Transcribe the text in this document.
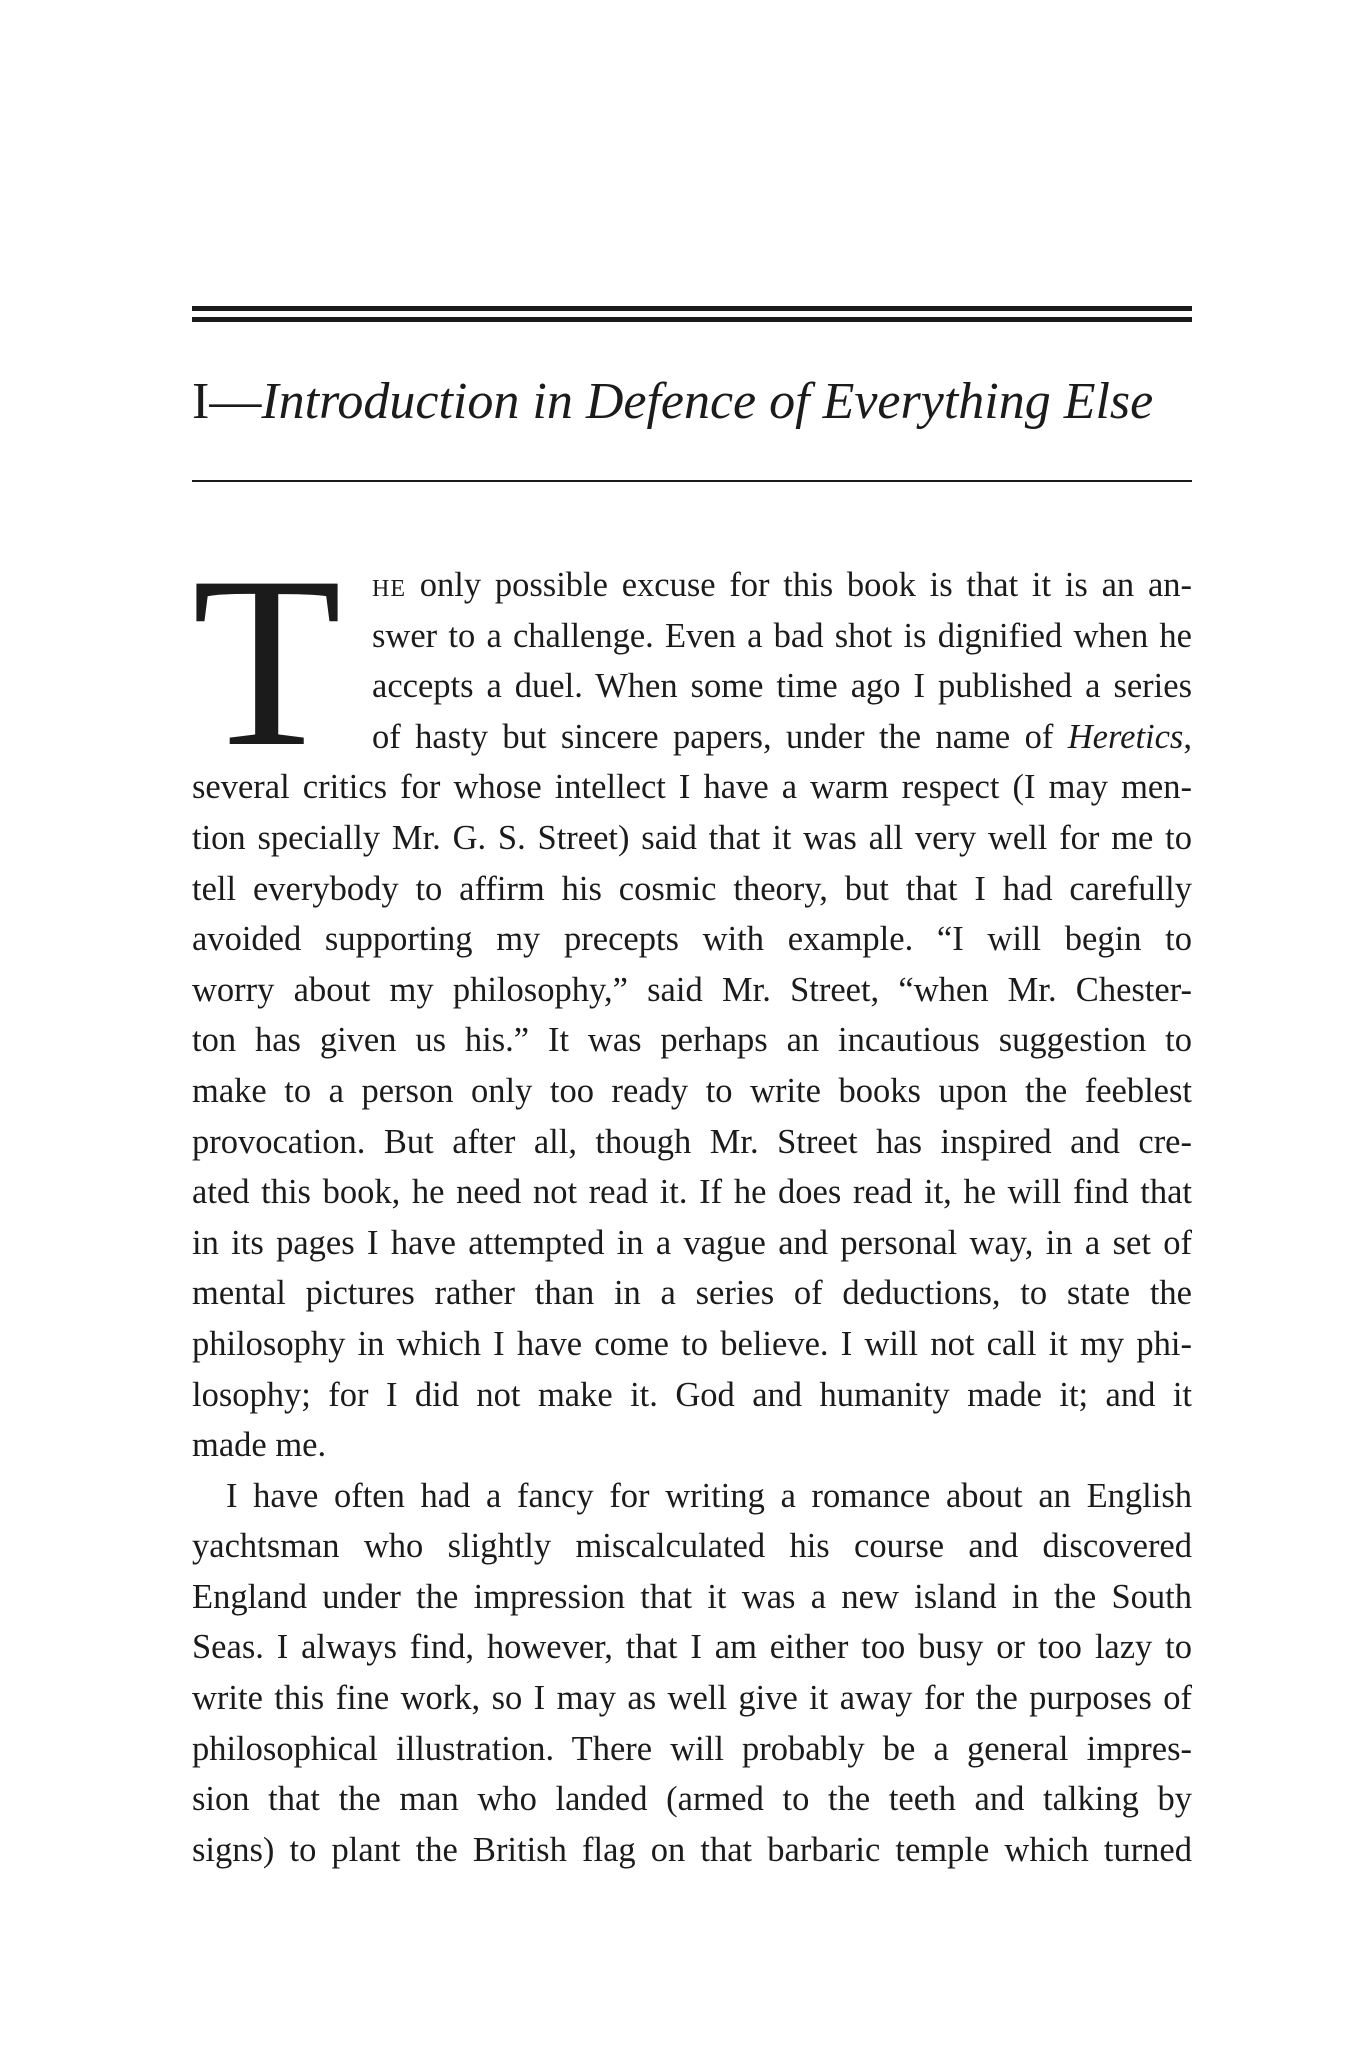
I—Introduction in Defence of Everything Else
T he only possible excuse for this book is that it is an an-
swer to a challenge. Even a bad shot is dignified when he
accepts a duel. When some time ago I published a series
of hasty but sincere papers, under the name of Heretics,
several critics for whose intellect I have a warm respect (I may men-
tion specially Mr. G. S. Street) said that it was all very well for me to
tell everybody to affirm his cosmic theory, but that I had carefully
avoided supporting my precepts with example. “I will begin to
worry about my philosophy,” said Mr. Street, “when Mr. Chester-
ton has given us his.” It was perhaps an incautious suggestion to
make to a person only too ready to write books upon the feeblest
provocation. But after all, though Mr. Street has inspired and cre-
ated this book, he need not read it. If he does read it, he will find that
in its pages I have attempted in a vague and personal way, in a set of
mental pictures rather than in a series of deductions, to state the
philosophy in which I have come to believe. I will not call it my phi-
losophy; for I did not make it. God and humanity made it; and it
made me.
I have often had a fancy for writing a romance about an English
yachtsman who slightly miscalculated his course and discovered
England under the impression that it was a new island in the South
Seas. I always find, however, that I am either too busy or too lazy to
write this fine work, so I may as well give it away for the purposes of
philosophical illustration. There will probably be a general impres-
sion that the man who landed (armed to the teeth and talking by
signs) to plant the British flag on that barbaric temple which turned
